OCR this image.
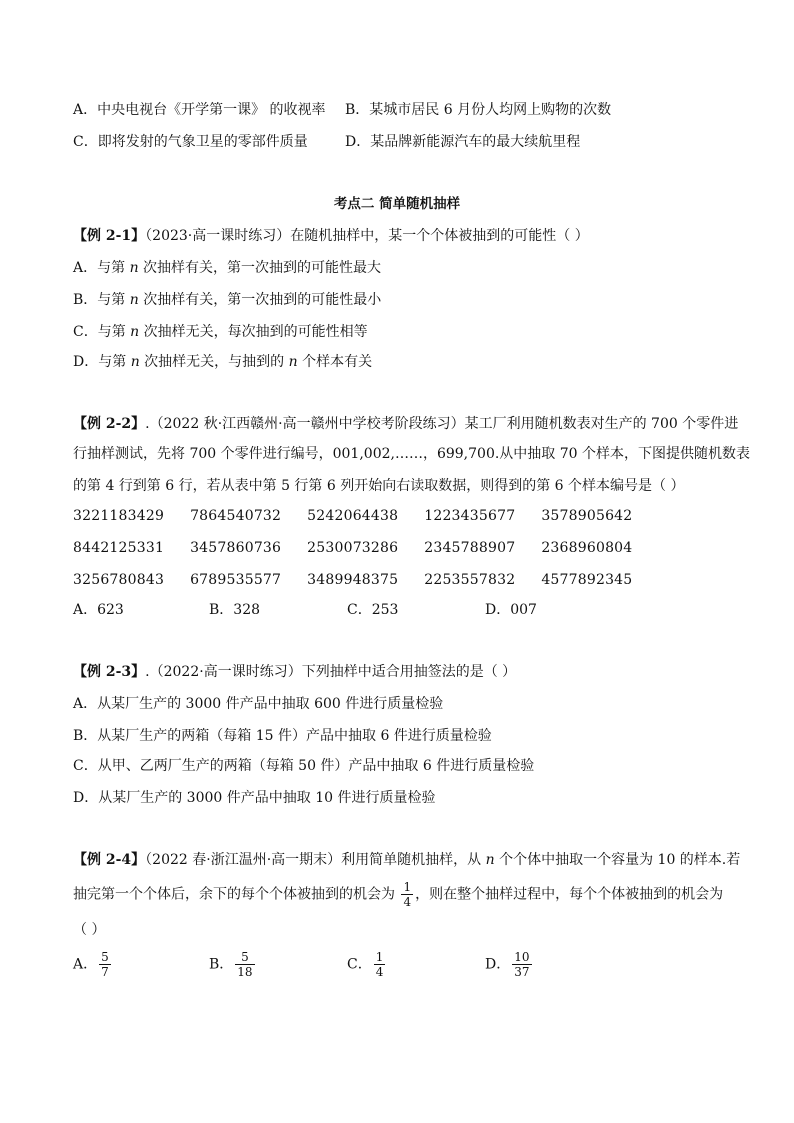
A．中央电视台《开学第一课》 的收视率 B．某城市居民 6 月份人均网上购物的次数
C．即将发射的气象卫星的零部件质量	D．某品牌新能源汽车的最大续航里程
考点二 简单随机抽样
【例 2-1】（2023·高一课时练习）在随机抽样中，某一个个体被抽到的可能性（ ）
A．与第 n 次抽样有关，第一次抽到的可能性最大
B．与第 n 次抽样有关，第一次抽到的可能性最小
C．与第 n 次抽样无关，每次抽到的可能性相等
D．与第 n 次抽样无关，与抽到的 n 个样本有关
【例 2-2】.（2022 秋·江西赣州·高一赣州中学校考阶段练习）某工厂利用随机数表对生产的 700 个零件进
行抽样测试，先将 700 个零件进行编号，001,002,……，699,700.从中抽取 70 个样本，下图提供随机数表
的第 4 行到第 6 行，若从表中第 5 行第 6 列开始向右读取数据，则得到的第 6 个样本编号是（ ）
3221183429 7864540732 5242064438 1223435677 3578905642
8442125331 3457860736 2530073286 2345788907 2368960804
3256780843 6789535577 3489948375 2253557832 4577892345
A．623	B．328	C．253	D．007
【例 2-3】.（2022·高一课时练习）下列抽样中适合用抽签法的是（ ）
A．从某厂生产的 3000 件产品中抽取 600 件进行质量检验
B．从某厂生产的两箱（每箱 15 件）产品中抽取 6 件进行质量检验
C．从甲、乙两厂生产的两箱（每箱 50 件）产品中抽取 6 件进行质量检验
D．从某厂生产的 3000 件产品中抽取 10 件进行质量检验
【例 2-4】（2022 春·浙江温州·高一期末）利用简单随机抽样，从 n 个个体中抽取一个容量为 10 的样本.若
抽完第一个个体后，余下的每个个体被抽到的机会为 $\frac{1}{4}$ ，则在整个抽样过程中，每个个体被抽到的机会为
（ ）
A． $\frac{5}{7}$	B． $\frac{5}{18}$	C． $\frac{1}{4}$	D． $\frac{10}{37}$
